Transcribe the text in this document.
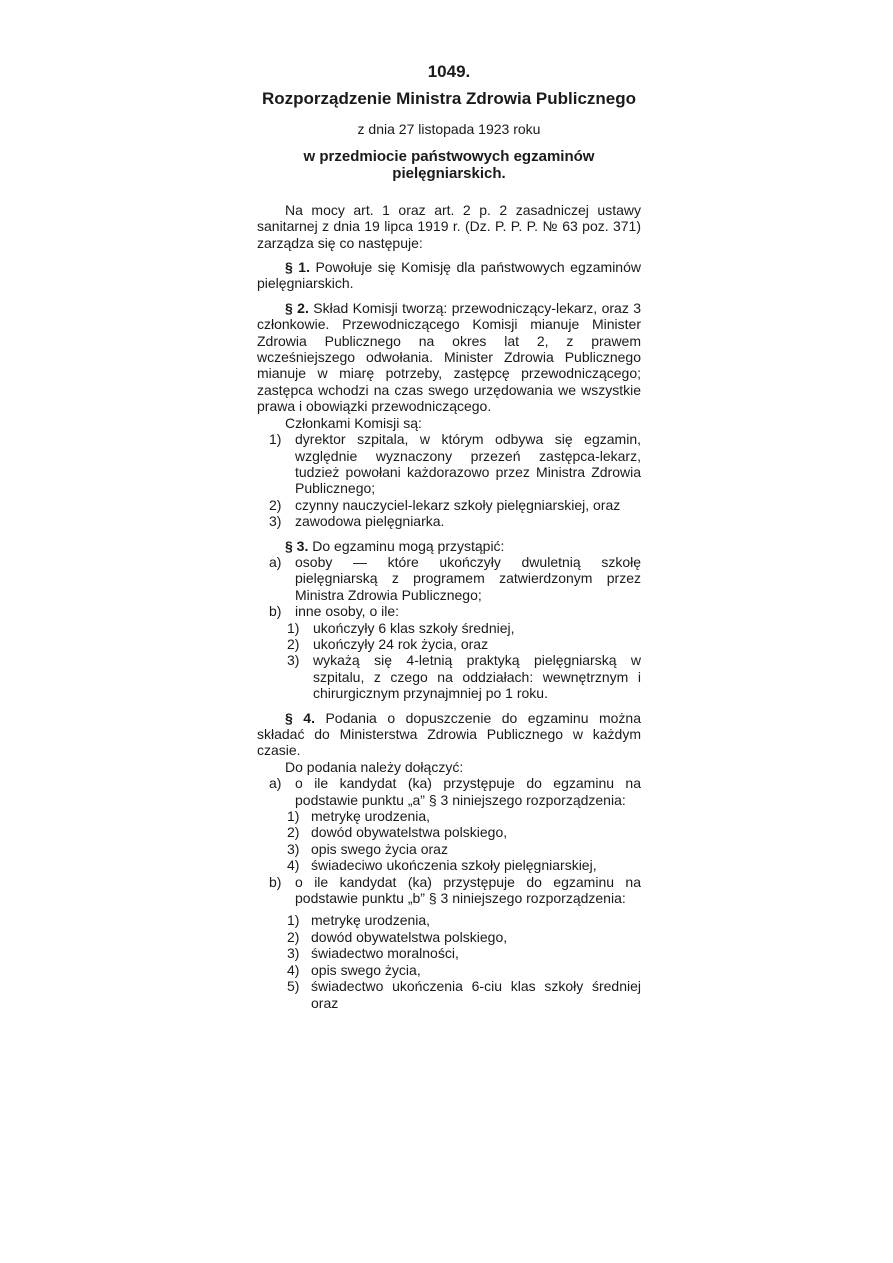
1049.
Rozporządzenie Ministra Zdrowia Publicznego
z dnia 27 listopada 1923 roku
w przedmiocie państwowych egzaminów pielęgniarskich.

Na mocy art. 1 oraz art. 2 p. 2 zasadniczej ustawy sanitarnej z dnia 19 lipca 1919 r. (Dz. P. P. P. № 63 poz. 371) zarządza się co następuje:

§ 1. Powołuje się Komisję dla państwowych egzaminów pielęgniarskich.

§ 2. Skład Komisji tworzą: przewodniczący-lekarz, oraz 3 członkowie. Przewodniczącego Komisji mianuje Minister Zdrowia Publicznego na okres lat 2, z prawem wcześniejszego odwołania. Minister Zdrowia Publicznego mianuje w miarę potrzeby, zastępcę przewodniczącego; zastępca wchodzi na czas swego urzędowania we wszystkie prawa i obowiązki przewodniczącego.

Członkami Komisji są:

1) dyrektor szpitala, w którym odbywa się egzamin, względnie wyznaczony przezeń zastępca-lekarz, tudzież powołani każdorazowo przez Ministra Zdrowia Publicznego;
2) czynny nauczyciel-lekarz szkoły pielęgniarskiej, oraz
3) zawodowa pielęgniarka.

§ 3. Do egzaminu mogą przystąpić:

a) osoby — które ukończyły dwuletnią szkołę pielęgniarską z programem zatwierdzonym przez Ministra Zdrowia Publicznego;
b) inne osoby, o ile:
1) ukończyły 6 klas szkoły średniej,
2) ukończyły 24 rok życia, oraz
3) wykażą się 4-letnią praktyką pielęgniarską w szpitalu, z czego na oddziałach: wewnętrznym i chirurgicznym przynajmniej po 1 roku.

§ 4. Podania o dopuszczenie do egzaminu można składać do Ministerstwa Zdrowia Publicznego w każdym czasie.

Do podania należy dołączyć:

a) o ile kandydat (ka) przystępuje do egzaminu na podstawie punktu „a” § 3 niniejszego rozporządzenia:
1) metrykę urodzenia,
2) dowód obywatelstwa polskiego,
3) opis swego życia oraz
4) świadeciwo ukończenia szkoły pielęgniarskiej,
b) o ile kandydat (ka) przystępuje do egzaminu na podstawie punktu „b” § 3 niniejszego rozporządzenia:
1) metrykę urodzenia,
2) dowód obywatelstwa polskiego,
3) świadectwo moralności,
4) opis swego życia,
5) świadectwo ukończenia 6-ciu klas szkoły średniej oraz
